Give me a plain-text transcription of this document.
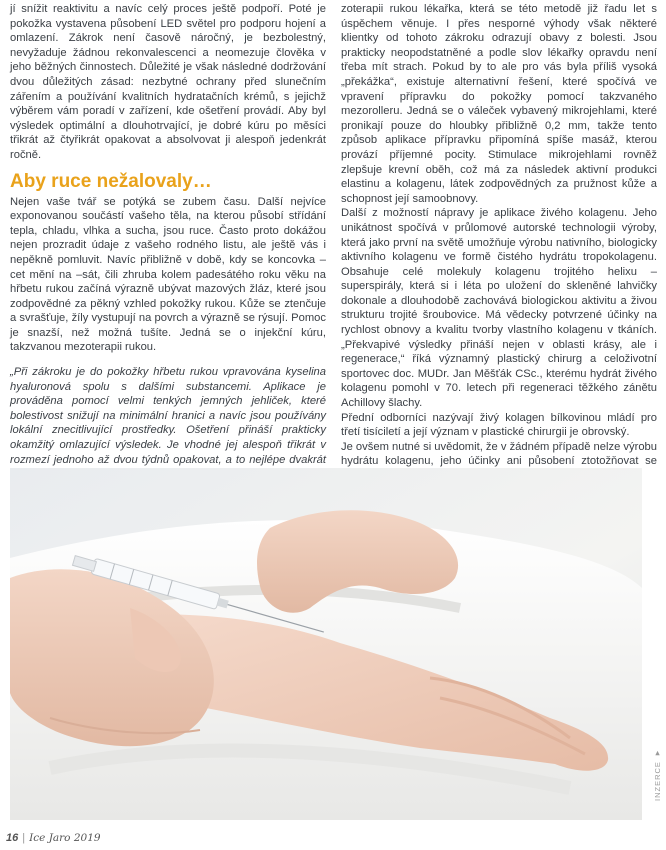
jí snížit reaktivitu a navíc celý proces ještě podpoří. Poté je pokožka vystavena působení LED světel pro podporu hojení a omlazení. Zákrok není časově náročný, je bezbolestný, nevyžaduje žádnou rekonvalescenci a neomezuje člověka v jeho běžných činnostech. Důležité je však následné dodržování dvou důležitých zásad: nezbytné ochrany před slunečním zářením a používání kvalitních hydratačních krémů, s jejichž výběrem vám poradí v zařízení, kde ošetření provádí. Aby byl výsledek optimální a dlouhotrvající, je dobré kúru po měsíci třikrát až čtyřikrát opakovat a absolvovat ji alespoň jedenkrát ročně.

Aby ruce nežalovaly…

Nejen vaše tvář se potýká se zubem času. Další nejvíce exponovanou součástí vašeho těla, na kterou působí střídání tepla, chladu, vlhka a sucha, jsou ruce. Často proto dokážou nejen prozradit údaje z vašeho rodného listu, ale ještě vás i nepěkně pomluvit. Navíc přibližně v době, kdy se koncovka –cet mění na –sát, čili zhruba kolem padesátého roku věku na hřbetu rukou začíná výrazně ubývat mazových žláz, které jsou zodpovědné za pěkný vzhled pokožky rukou. Kůže se ztenčuje a svrašťuje, žíly vystupují na povrch a výrazně se rýsují. Pomoc je snazší, než možná tušíte. Jedná se o injekční kúru, takzvanou mezoterapii rukou.

„Při zákroku je do pokožky hřbetu rukou vpravována kyselina hyaluronová spolu s dalšími substancemi. Aplikace je prováděna pomocí velmi tenkých jemných jehliček, které bolestivost snižují na minimální hranici a navíc jsou používány lokální znecitlivující prostředky. Ošetření přináší prakticky okamžitý omlazující výsledek. Je vhodné jej alespoň třikrát v rozmezí jednoho až dvou týdnů opakovat, a to nejlépe dvakrát

zoterapii rukou lékařka, která se této metodě již řadu let s úspěchem věnuje. I přes nesporné výhody však některé klientky od tohoto zákroku odrazují obavy z bolesti. Jsou prakticky neopodstatněné a podle slov lékařky opravdu není třeba mít strach. Pokud by to ale pro vás byla příliš vysoká „překážka“, existuje alternativní řešení, které spočívá ve vpravení přípravku do pokožky pomocí takzvaného mezorolleru. Jedná se o váleček vybavený mikrojehlami, které pronikají pouze do hloubky přibližně 0,2 mm, takže tento způsob aplikace přípravku připomíná spíše masáž, kterou provází příjemné pocity. Stimulace mikrojehlami rovněž zlepšuje krevní oběh, což má za následek aktivní produkci elastinu a kolagenu, látek zodpovědných za pružnost kůže a schopnost její samoobnovy.

Další z možností nápravy je aplikace živého kolagenu. Jeho unikátnost spočívá v průlomové autorské technologii výroby, která jako první na světě umožňuje výrobu nativního, biologicky aktivního kolagenu ve formě čistého hydrátu tropokolagenu. Obsahuje celé molekuly kolagenu trojitého helixu – superspirály, která si i léta po uložení do skleněné lahvičky dokonale a dlouhodobě zachovává biologickou aktivitu a živou strukturu trojité šroubovice. Má vědecky potvrzené účinky na rychlost obnovy a kvalitu tvorby vlastního kolagenu v tkáních. „Překvapivé výsledky přináší nejen v oblasti krásy, ale i regenerace,“ říká významný plastický chirurg a celoživotní sportovec doc. MUDr. Jan Měšťák CSc., kterému hydrát živého kolagenu pomohl v 70. letech při regeneraci těžkého zánětu Achillovy šlachy.

Přední odborníci nazývají živý kolagen bílkovinou mládí pro třetí tisíciletí a její význam v plastické chirurgii je obrovský.

Je ovšem nutné si uvědomit, že v žádném případě nelze výrobu hydrátu kolagenu, jeho účinky ani působení ztotožňovat se

INZERCE ▼
16 | Ice Jaro 2019
